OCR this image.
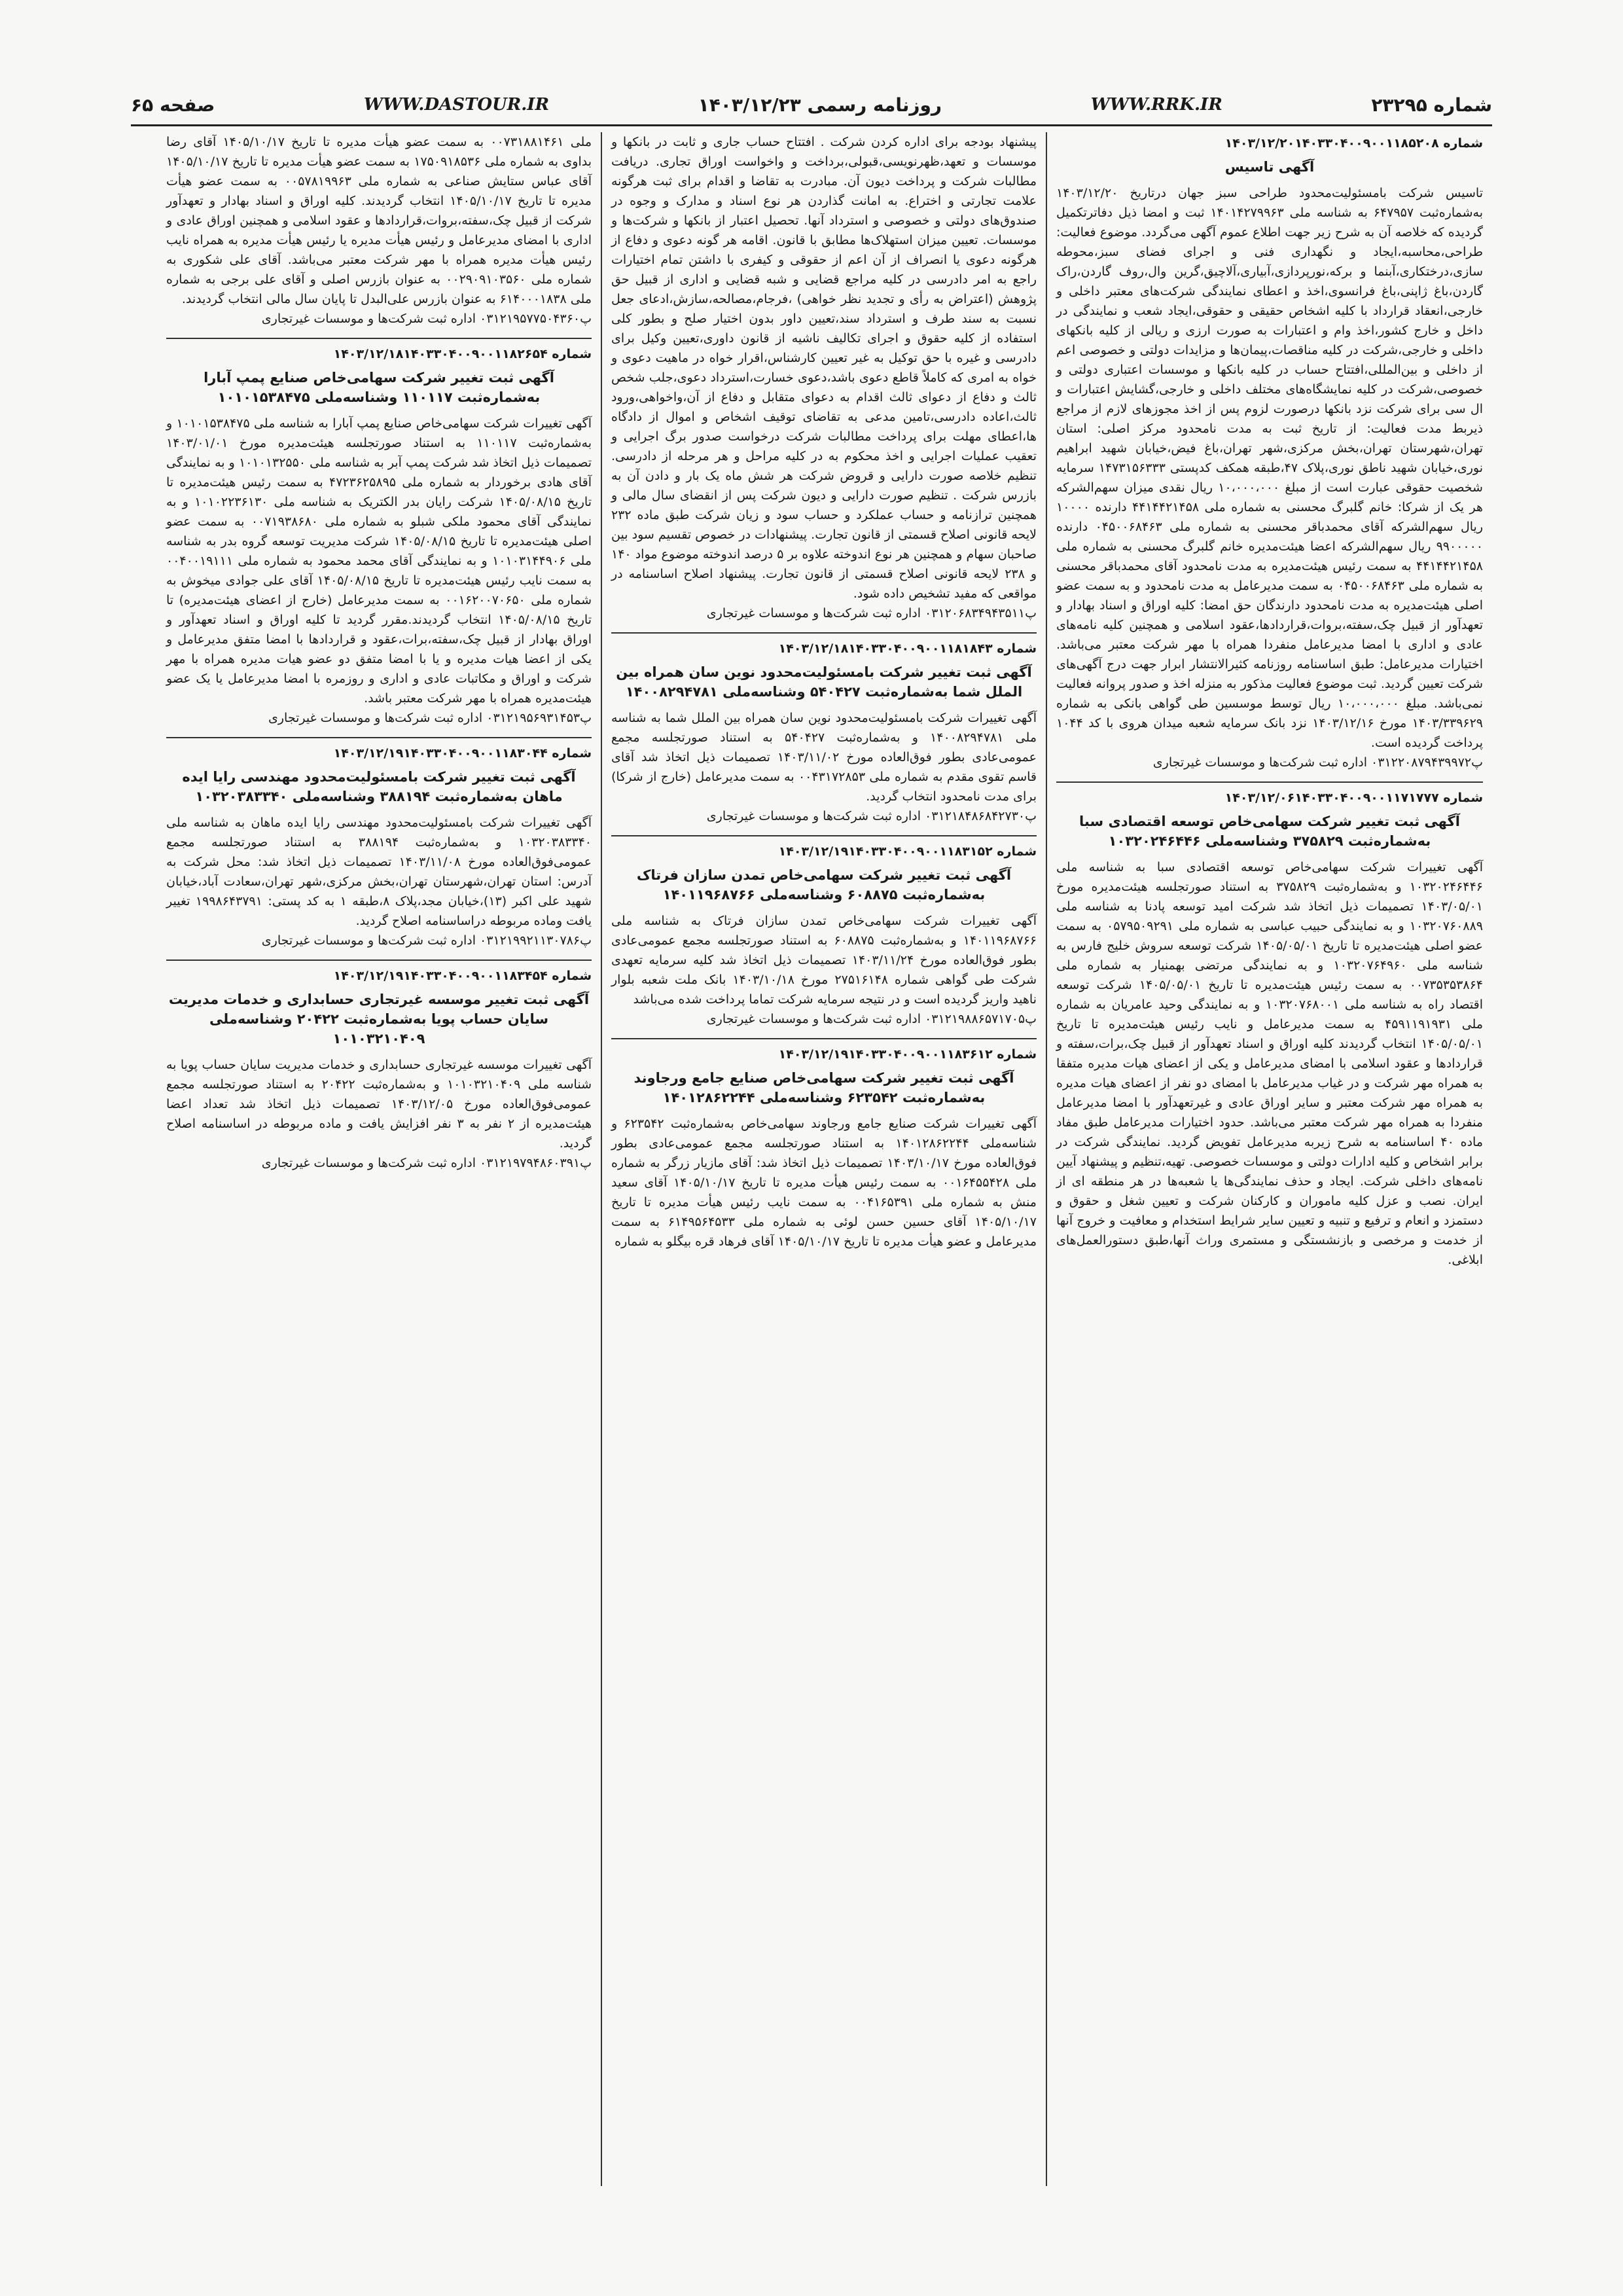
شماره ۲۳۲۹۵
WWW.RRK.IR
روزنامه رسمی ۱۴۰۳/۱۲/۲۳
WWW.DASTOUR.IR
صفحه ۶۵
شماره ۱۴۰۳/۱۲/۲۰۱۴۰۳۳۰۴۰۰۹۰۰۱۱۸۵۲۰۸
آگهی تاسیس

تاسیس شرکت بامسئولیت‌محدود طراحی سبز جهان درتاریخ ۱۴۰۳/۱۲/۲۰ به‌شماره‌ثبت ۶۴۷۹۵۷ به شناسه ملی ۱۴۰۱۴۲۷۹۹۶۳ ثبت و امضا ذیل دفاترتکمیل گردیده که خلاصه آن به شرح زیر جهت اطلاع عموم آگهی می‌گردد. موضوع فعالیت: طراحی،محاسبه،ایجاد و نگهداری فنی و اجرای فضای سبز،محوطه سازی،درختکاری،آبنما و برکه،نورپردازی،آبیاری،آلاچیق،گرین وال،روف گاردن،راک گاردن،باغ ژاپنی،باغ فرانسوی،اخذ و اعطای نمایندگی شرکت‌های معتبر داخلی و خارجی،انعقاد قرارداد با کلیه اشخاص حقیقی و حقوقی،ایجاد شعب و نمایندگی در داخل و خارج کشور،اخذ وام و اعتبارات به صورت ارزی و ریالی از کلیه بانکهای داخلی و خارجی،شرکت در کلیه مناقصات،پیمان‌ها و مزایدات دولتی و خصوصی اعم از داخلی و بین‌المللی،افتتاح حساب در کلیه بانکها و موسسات اعتباری دولتی و خصوصی،شرکت در کلیه نمایشگاه‌های مختلف داخلی و خارجی،گشایش اعتبارات و ال سی برای شرکت نزد بانکها درصورت لزوم پس از اخذ مجوزهای لازم از مراجع ذیربط مدت فعالیت: از تاریخ ثبت به مدت نامحدود مرکز اصلی: استان تهران،شهرستان تهران،بخش مرکزی،شهر تهران،باغ فیض،خیابان شهید ابراهیم نوری،خیابان شهید ناطق نوری،پلاک ۴۷،طبقه همکف کدپستی ۱۴۷۳۱۵۶۳۳۳ سرمایه شخصیت حقوقی عبارت است از مبلغ ۱۰،۰۰۰،۰۰۰ ریال نقدی میزان سهم‌الشرکه هر یک از شرکا: خانم گلبرگ محسنی به شماره ملی ۴۴۱۴۴۲۱۴۵۸ دارنده ۱۰۰۰۰ ریال سهم‌الشرکه آقای محمدباقر محسنی به شماره ملی ۰۴۵۰۰۶۸۴۶۳ دارنده ۹۹۰۰۰۰۰ ریال سهم‌الشرکه اعضا هیئت‌مدیره خانم گلبرگ محسنی به شماره ملی ۴۴۱۴۴۲۱۴۵۸ به سمت رئیس هیئت‌مدیره به مدت نامحدود آقای محمدباقر محسنی به شماره ملی ۰۴۵۰۰۶۸۴۶۳ به سمت مدیرعامل به مدت نامحدود و به سمت عضو اصلی هیئت‌مدیره به مدت نامحدود دارندگان حق امضا: کلیه اوراق و اسناد بهادار و تعهدآور از قبیل چک،سفته،بروات،قراردادها،عقود اسلامی و همچنین کلیه نامه‌های عادی و اداری با امضا مدیرعامل منفردا همراه با مهر شرکت معتبر می‌باشد. اختیارات مدیرعامل: طبق اساسنامه روزنامه کثیرالانتشار ابرار جهت درج آگهی‌های شرکت تعیین گردید. ثبت موضوع فعالیت مذکور به منزله اخذ و صدور پروانه فعالیت نمی‌باشد. مبلغ ۱۰،۰۰۰،۰۰۰ ریال توسط موسسین طی گواهی بانکی به شماره ۱۴۰۳/۳۳۹۶۲۹ مورخ ۱۴۰۳/۱۲/۱۶ نزد بانک سرمایه شعبه میدان هروی با کد ۱۰۴۴ پرداخت گردیده است.

پ۰۳۱۲۲۰۸۷۹۴۳۹۹۷۲ اداره ثبت شرکت‌ها و موسسات غیرتجاری

شماره ۱۴۰۳/۱۲/۰۶۱۴۰۳۳۰۴۰۰۹۰۰۱۱۷۱۷۷۷
آگهی ثبت تغییر شرکت سهامی‌خاص توسعه اقتصادی سبا به‌شماره‌ثبت ۳۷۵۸۲۹ وشناسه‌ملی ۱۰۳۲۰۲۴۶۴۴۶

آگهی تغییرات شرکت سهامی‌خاص توسعه اقتصادی سبا به شناسه ملی ۱۰۳۲۰۲۴۶۴۴۶ و به‌شماره‌ثبت ۳۷۵۸۲۹ به استناد صورتجلسه هیئت‌مدیره مورخ ۱۴۰۳/۰۵/۰۱ تصمیمات ذیل اتخاذ شد شرکت امید توسعه پادنا به شناسه ملی ۱۰۳۲۰۷۶۰۸۸۹ و به نمایندگی حبیب عباسی به شماره ملی ۰۵۷۹۵۰۹۲۹۱ به سمت عضو اصلی هیئت‌مدیره تا تاریخ ۱۴۰۵/۰۵/۰۱ شرکت توسعه سروش خلیج فارس به شناسه ملی ۱۰۳۲۰۷۶۴۹۶۰ و به نمایندگی مرتضی بهمنیار به شماره ملی ۰۰۷۳۵۳۵۳۸۶۴ به سمت رئیس هیئت‌مدیره تا تاریخ ۱۴۰۵/۰۵/۰۱ شرکت توسعه اقتصاد راه به شناسه ملی ۱۰۳۲۰۷۶۸۰۰۱ و به نمایندگی وحید عامریان به شماره ملی ۴۵۹۱۱۹۱۹۳۱ به سمت مدیرعامل و نایب رئیس هیئت‌مدیره تا تاریخ ۱۴۰۵/۰۵/۰۱ انتخاب گردیدند کلیه اوراق و اسناد تعهدآور از قبیل چک،برات،سفته و قراردادها و عقود اسلامی با امضای مدیرعامل و یکی از اعضای هیات مدیره متفقا به همراه مهر شرکت و در غیاب مدیرعامل با امضای دو نفر از اعضای هیات مدیره به همراه مهر شرکت معتبر و سایر اوراق عادی و غیرتعهدآور با امضا مدیرعامل منفردا به همراه مهر شرکت معتبر می‌باشد. حدود اختیارات مدیرعامل طبق مفاد ماده ۴۰ اساسنامه به شرح زیربه مدیرعامل تفویض گردید. نمایندگی شرکت در برابر اشخاص و کلیه ادارات دولتی و موسسات خصوصی. تهیه،تنظیم و پیشنهاد آیین نامه‌های داخلی شرکت. ایجاد و حذف نمایندگی‌ها یا شعبه‌ها در هر منطقه ای از ایران. نصب و عزل کلیه ماموران و کارکنان شرکت و تعیین شغل و حقوق و دستمزد و انعام و ترفیع و تنبیه و تعیین سایر شرایط استخدام و معافیت و خروج آنها از خدمت و مرخصی و بازنشستگی و مستمری وراث آنها،طبق دستورالعمل‌های ابلاغی.

پیشنهاد بودجه برای اداره کردن شرکت . افتتاح حساب جاری و ثابت در بانکها و موسسات و تعهد،ظهرنویسی،قبولی،برداخت و واخواست اوراق تجاری. دریافت مطالبات شرکت و پرداخت دیون آن. مبادرت به تقاضا و اقدام برای ثبت هرگونه علامت تجارتی و اختراع. به امانت گذاردن هر نوع اسناد و مدارک و وجوه در صندوق‌های دولتی و خصوصی و استرداد آنها. تحصیل اعتبار از بانکها و شرکت‌ها و موسسات. تعیین میزان استهلاک‌ها مطابق با قانون. اقامه هر گونه دعوی و دفاع از هرگونه دعوی یا انصراف از آن اعم از حقوقی و کیفری با داشتن تمام اختیارات راجع به امر دادرسی در کلیه مراجع قضایی و شبه قضایی و اداری از قبیل حق پژوهش (اعتراض به رأی و تجدید نظر خواهی) ،فرجام،مصالحه،سازش،ادعای جعل نسبت به سند طرف و استرداد سند،تعیین داور بدون اختیار صلح و بطور کلی استفاده از کلیه حقوق و اجرای تکالیف ناشیه از قانون داوری،تعیین وکیل برای دادرسی و غیره با حق توکیل به غیر تعیین کارشناس،اقرار خواه در ماهیت دعوی و خواه به امری که کاملاً قاطع دعوی باشد،دعوی خسارت،استرداد دعوی،جلب شخص ثالث و دفاع از دعوای ثالث اقدام به دعوای متقابل و دفاع از آن،واخواهی،ورود ثالث،اعاده دادرسی،تامین مدعی به تقاضای توقیف اشخاص و اموال از دادگاه ها،اعطای مهلت برای پرداخت مطالبات شرکت درخواست صدور برگ اجرایی و تعقیب عملیات اجرایی و اخذ محکوم به در کلیه مراحل و هر مرحله از دادرسی. تنظیم خلاصه صورت دارایی و قروض شرکت هر شش ماه یک بار و دادن آن به بازرس شرکت . تنظیم صورت دارایی و دیون شرکت پس از انقضای سال مالی و همچنین ترازنامه و حساب عملکرد و حساب سود و زیان شرکت طبق ماده ۲۳۲ لایحه قانونی اصلاح قسمتی از قانون تجارت. پیشنهادات در خصوص تقسیم سود بین صاحبان سهام و همچنین هر نوع اندوخته علاوه بر ۵ درصد اندوخته موضوع مواد ۱۴۰ و ۲۳۸ لایحه قانونی اصلاح قسمتی از قانون تجارت. پیشنهاد اصلاح اساسنامه در مواقعی که مفید تشخیص داده شود.

پ۰۳۱۲۰۶۸۳۴۹۴۳۵۱۱ اداره ثبت شرکت‌ها و موسسات غیرتجاری

شماره ۱۴۰۳/۱۲/۱۸۱۴۰۳۳۰۴۰۰۹۰۰۱۱۸۱۸۴۳
آگهی ثبت تغییر شرکت بامسئولیت‌محدود نوین سان همراه بین الملل شما به‌شماره‌ثبت ۵۴۰۴۲۷ وشناسه‌ملی ۱۴۰۰۸۲۹۴۷۸۱

آگهی تغییرات شرکت بامسئولیت‌محدود نوین سان همراه بین الملل شما به شناسه ملی ۱۴۰۰۸۲۹۴۷۸۱ و به‌شماره‌ثبت ۵۴۰۴۲۷ به استناد صورتجلسه مجمع عمومی‌عادی بطور فوق‌العاده مورخ ۱۴۰۳/۱۱/۰۲ تصمیمات ذیل اتخاذ شد آقای قاسم تقوی مقدم به شماره ملی ۰۰۴۳۱۷۲۸۵۳ به سمت مدیرعامل (خارج از شرکا) برای مدت نامحدود انتخاب گردید.

پ۰۳۱۲۱۸۴۸۶۸۴۲۷۳۰ اداره ثبت شرکت‌ها و موسسات غیرتجاری

شماره ۱۴۰۳/۱۲/۱۹۱۴۰۳۳۰۴۰۰۹۰۰۱۱۸۳۱۵۲
آگهی ثبت تغییر شرکت سهامی‌خاص تمدن سازان فرتاک به‌شماره‌ثبت ۶۰۸۸۷۵ وشناسه‌ملی ۱۴۰۱۱۹۶۸۷۶۶

آگهی تغییرات شرکت سهامی‌خاص تمدن سازان فرتاک به شناسه ملی ۱۴۰۱۱۹۶۸۷۶۶ و به‌شماره‌ثبت ۶۰۸۸۷۵ به استناد صورتجلسه مجمع عمومی‌عادی بطور فوق‌العاده مورخ ۱۴۰۳/۱۱/۲۴ تصمیمات ذیل اتخاذ شد کلیه سرمایه تعهدی شرکت طی گواهی شماره ۲۷۵۱۶۱۴۸ مورخ ۱۴۰۳/۱۰/۱۸ بانک ملت شعبه بلوار ناهید واریز گردیده است و در نتیجه سرمایه شرکت تماما پرداخت شده می‌باشد

پ۰۳۱۲۱۹۸۸۶۵۷۱۷۰۵ اداره ثبت شرکت‌ها و موسسات غیرتجاری

شماره ۱۴۰۳/۱۲/۱۹۱۴۰۳۳۰۴۰۰۹۰۰۱۱۸۳۶۱۲
آگهی ثبت تغییر شرکت سهامی‌خاص صنایع جامع ورجاوند به‌شماره‌ثبت ۶۲۳۵۴۲ وشناسه‌ملی ۱۴۰۱۲۸۶۲۲۴۴

آگهی تغییرات شرکت صنایع جامع ورجاوند سهامی‌خاص به‌شماره‌ثبت ۶۲۳۵۴۲ و شناسه‌ملی ۱۴۰۱۲۸۶۲۲۴۴ به استناد صورتجلسه مجمع عمومی‌عادی بطور فوق‌العاده مورخ ۱۴۰۳/۱۰/۱۷ تصمیمات ذیل اتخاذ شد: آقای مازیار زرگر به شماره ملی ۰۰۱۶۴۵۵۴۲۸ به سمت رئیس هیأت مدیره تا تاریخ ۱۴۰۵/۱۰/۱۷ آقای سعید منش به شماره ملی ۰۰۴۱۶۵۳۹۱ به سمت نایب رئیس هیأت مدیره تا تاریخ ۱۴۰۵/۱۰/۱۷ آقای حسین حسن لوئی به شماره ملی ۶۱۴۹۵۶۴۵۳۳ به سمت مدیرعامل و عضو هیأت مدیره تا تاریخ ۱۴۰۵/۱۰/۱۷ آقای فرهاد قره بیگلو به شماره

ملی ۰۰۷۳۱۸۸۱۴۶۱ به سمت عضو هیأت مدیره تا تاریخ ۱۴۰۵/۱۰/۱۷ آقای رضا بداوی به شماره ملی ۱۷۵۰۹۱۸۵۳۶ به سمت عضو هیأت مدیره تا تاریخ ۱۴۰۵/۱۰/۱۷ آقای عباس ستایش صناعی به شماره ملی ۰۰۵۷۸۱۹۹۶۳ به سمت عضو هیأت مدیره تا تاریخ ۱۴۰۵/۱۰/۱۷ انتخاب گردیدند. کلیه اوراق و اسناد بهادار و تعهدآور شرکت از قبیل چک،سفته،بروات،قراردادها و عقود اسلامی و همچنین اوراق عادی و اداری با امضای مدیرعامل و رئیس هیأت مدیره یا رئیس هیأت مدیره به همراه نایب رئیس هیأت مدیره همراه با مهر شرکت معتبر می‌باشد. آقای علی شکوری به شماره ملی ۰۰۲۹۰۹۱۰۳۵۶۰ به عنوان بازرس اصلی و آقای علی برجی به شماره ملی ۶۱۴۰۰۰۱۸۳۸ به عنوان بازرس علی‌البدل تا پایان سال مالی انتخاب گردیدند.

پ۰۳۱۲۱۹۵۷۷۵۰۴۳۶۰ اداره ثبت شرکت‌ها و موسسات غیرتجاری

شماره ۱۴۰۳/۱۲/۱۸۱۴۰۳۳۰۴۰۰۹۰۰۱۱۸۲۶۵۴
آگهی ثبت تغییر شرکت سهامی‌خاص صنایع پمپ آبارا به‌شماره‌ثبت ۱۱۰۱۱۷ وشناسه‌ملی ۱۰۱۰۱۵۳۸۴۷۵

آگهی تغییرات شرکت سهامی‌خاص صنایع پمپ آبارا به شناسه ملی ۱۰۱۰۱۵۳۸۴۷۵ و به‌شماره‌ثبت ۱۱۰۱۱۷ به استناد صورتجلسه هیئت‌مدیره مورخ ۱۴۰۳/۰۱/۰۱ تصمیمات ذیل اتخاذ شد شرکت پمپ آبر به شناسه ملی ۱۰۱۰۱۳۲۵۵۰ و به نمایندگی آقای هادی برخوردار به شماره ملی ۴۷۲۳۶۲۵۸۹۵ به سمت رئیس هیئت‌مدیره تا تاریخ ۱۴۰۵/۰۸/۱۵ شرکت رایان بدر الکتریک به شناسه ملی ۱۰۱۰۲۲۳۶۱۳۰ و به نمایندگی آقای محمود ملکی شبلو به شماره ملی ۰۰۷۱۹۳۸۶۸۰ به سمت عضو اصلی هیئت‌مدیره تا تاریخ ۱۴۰۵/۰۸/۱۵ شرکت مدیریت توسعه گروه بدر به شناسه ملی ۱۰۱۰۳۱۴۴۹۰۶ و به نمایندگی آقای محمد محمود به شماره ملی ۰۰۴۰۰۱۹۱۱۱ به سمت نایب رئیس هیئت‌مدیره تا تاریخ ۱۴۰۵/۰۸/۱۵ آقای علی جوادی میخوش به شماره ملی ۰۰۱۶۲۰۰۷۰۶۵۰ به سمت مدیرعامل (خارج از اعضای هیئت‌مدیره) تا تاریخ ۱۴۰۵/۰۸/۱۵ انتخاب گردیدند.مقرر گردید تا کلیه اوراق و اسناد تعهدآور و اوراق بهادار از قبیل چک،سفته،برات،عقود و قراردادها با امضا متفق مدیرعامل و یکی از اعضا هیات مدیره و یا با امضا متفق دو عضو هیات مدیره همراه با مهر شرکت و اوراق و مکاتبات عادی و اداری و روزمره با امضا مدیرعامل یا یک عضو هیئت‌مدیره همراه با مهر شرکت معتبر باشد.

پ۰۳۱۲۱۹۵۶۹۳۱۴۵۳ اداره ثبت شرکت‌ها و موسسات غیرتجاری

شماره ۱۴۰۳/۱۲/۱۹۱۴۰۳۳۰۴۰۰۹۰۰۱۱۸۳۰۴۴
آگهی ثبت تغییر شرکت بامسئولیت‌محدود مهندسی رایا ایده ماهان به‌شماره‌ثبت ۳۸۸۱۹۴ وشناسه‌ملی ۱۰۳۲۰۳۸۳۳۴۰

آگهی تغییرات شرکت بامسئولیت‌محدود مهندسی رایا ایده ماهان به شناسه ملی ۱۰۳۲۰۳۸۳۳۴۰ و به‌شماره‌ثبت ۳۸۸۱۹۴ به استناد صورتجلسه مجمع عمومی‌فوق‌العاده مورخ ۱۴۰۳/۱۱/۰۸ تصمیمات ذیل اتخاذ شد: محل شرکت به آدرس: استان تهران،شهرستان تهران،بخش مرکزی،شهر تهران،سعادت آباد،خیابان شهید علی اکبر (۱۳)،خیابان مجد،پلاک ۸،طبقه ۱ به کد پستی: ۱۹۹۸۶۴۳۷۹۱ تغییر یافت وماده مربوطه دراساسنامه اصلاح گردید.

پ۰۳۱۲۱۹۹۲۱۱۳۰۷۸۶ اداره ثبت شرکت‌ها و موسسات غیرتجاری

شماره ۱۴۰۳/۱۲/۱۹۱۴۰۳۳۰۴۰۰۹۰۰۱۱۸۳۴۵۴
آگهی ثبت تغییر موسسه غیرتجاری حسابداری و خدمات مدیریت سایان حساب پویا به‌شماره‌ثبت ۲۰۴۲۲ وشناسه‌ملی ۱۰۱۰۳۲۱۰۴۰۹

آگهی تغییرات موسسه غیرتجاری حسابداری و خدمات مدیریت سایان حساب پویا به شناسه ملی ۱۰۱۰۳۲۱۰۴۰۹ و به‌شماره‌ثبت ۲۰۴۲۲ به استناد صورتجلسه مجمع عمومی‌فوق‌العاده مورخ ۱۴۰۳/۱۲/۰۵ تصمیمات ذیل اتخاذ شد تعداد اعضا هیئت‌مدیره از ۲ نفر به ۳ نفر افزایش یافت و ماده مربوطه در اساسنامه اصلاح گردید.

پ۰۳۱۲۱۹۷۹۴۸۶۰۳۹۱ اداره ثبت شرکت‌ها و موسسات غیرتجاری
